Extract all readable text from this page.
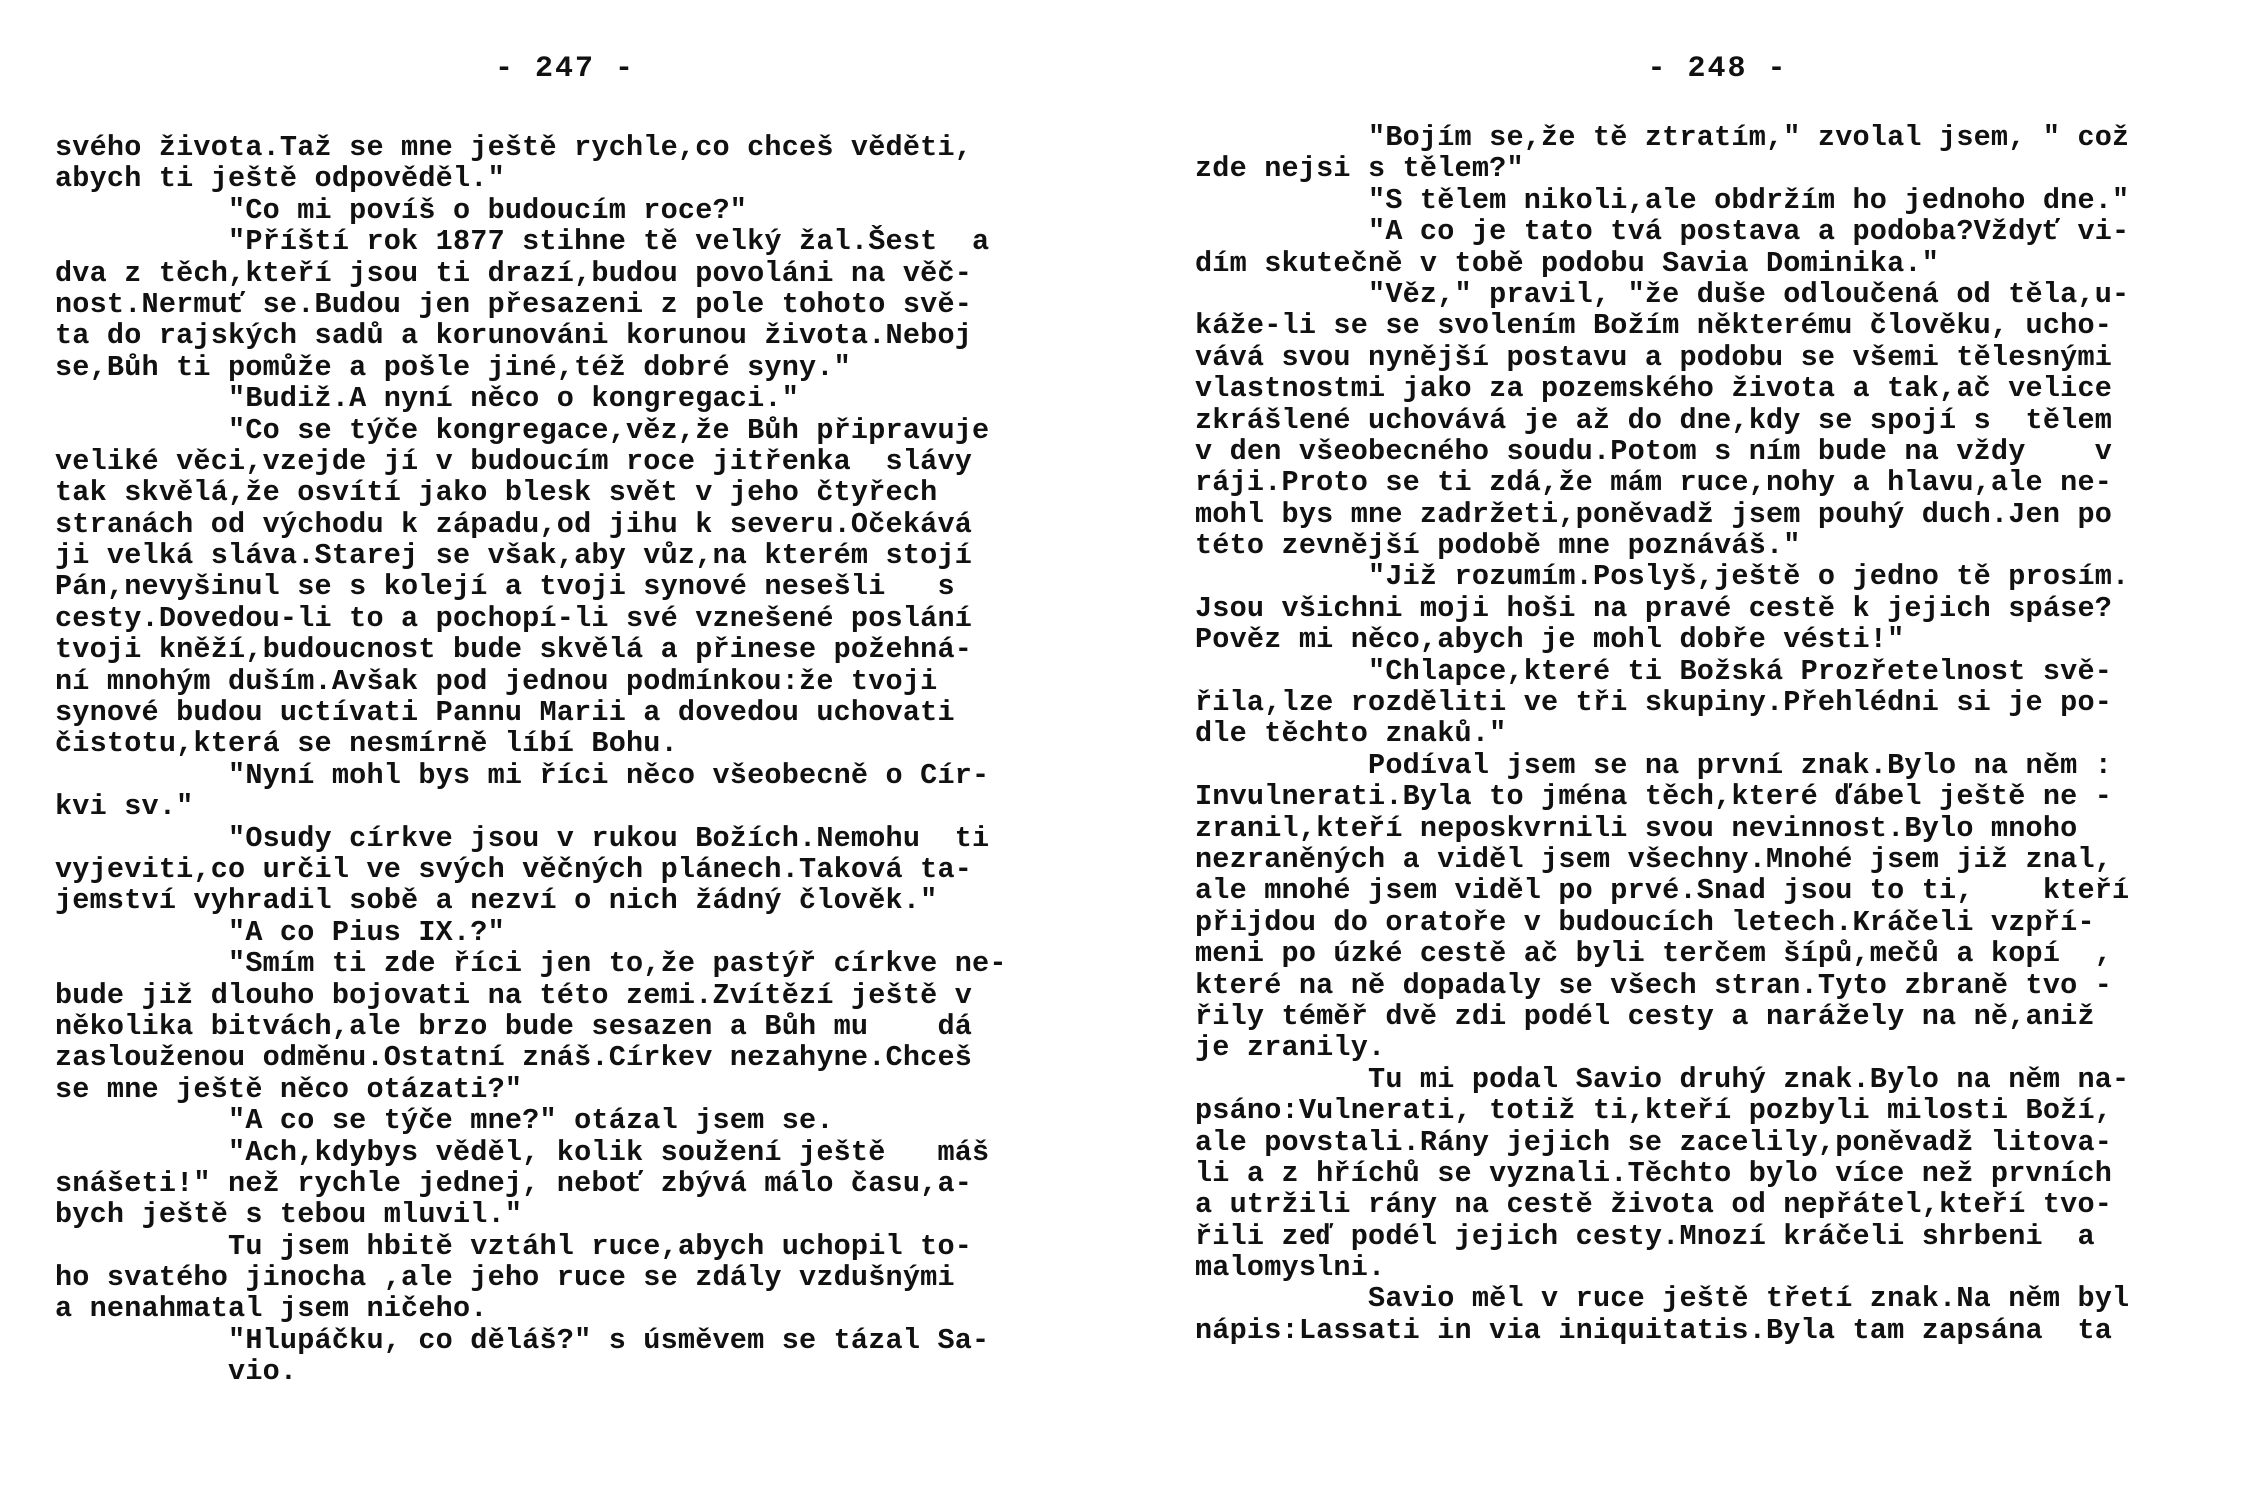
- 247 -
svého života.Taž se mne ještě rychle,co chceš věděti,
abych ti ještě odpověděl."
"Co mi povíš o budoucím roce?"
"Příští rok 1877 stihne tě velký žal.Šest  a
dva z těch,kteří jsou ti drazí,budou povoláni na věč-
nost.Nermuť se.Budou jen přesazeni z pole tohoto svě-
ta do rajských sadů a korunováni korunou života.Neboj
se,Bůh ti pomůže a pošle jiné,též dobré syny."
"Budiž.A nyní něco o kongregaci."
"Co se týče kongregace,věz,že Bůh připravuje
veliké věci,vzejde jí v budoucím roce jitřenka  slávy
tak skvělá,že osvítí jako blesk svět v jeho čtyřech
stranách od východu k západu,od jihu k severu.Očekává
ji velká sláva.Starej se však,aby vůz,na kterém stojí
Pán,nevyšinul se s kolejí a tvoji synové nesešli   s
cesty.Dovedou-li to a pochopí-li své vznešené poslání
tvoji kněží,budoucnost bude skvělá a přinese požehná-
ní mnohým duším.Avšak pod jednou podmínkou:že tvoji
synové budou uctívati Pannu Marii a dovedou uchovati
čistotu,která se nesmírně líbí Bohu.
"Nyní mohl bys mi říci něco všeobecně o Cír-
kvi sv."
"Osudy církve jsou v rukou Božích.Nemohu  ti
vyjeviti,co určil ve svých věčných plánech.Taková ta-
jemství vyhradil sobě a nezví o nich žádný člověk."
"A co Pius IX.?"
"Smím ti zde říci jen to,že pastýř církve ne-
bude již dlouho bojovati na této zemi.Zvítězí ještě v
několika bitvách,ale brzo bude sesazen a Bůh mu    dá
zaslouženou odměnu.Ostatní znáš.Církev nezahyne.Chceš
se mne ještě něco otázati?"
"A co se týče mne?" otázal jsem se.
"Ach,kdybys věděl, kolik soužení ještě   máš
snášeti!" než rychle jednej, neboť zbývá málo času,a-
bych ještě s tebou mluvil."
Tu jsem hbitě vztáhl ruce,abych uchopil to-
ho svatého jinocha ,ale jeho ruce se zdály vzdušnými
a nenahmatal jsem ničeho.
"Hlupáčku, co děláš?" s úsměvem se tázal Sa-
vio.
- 248 -
"Bojím se,že tě ztratím," zvolal jsem, " což
zde nejsi s tělem?"
"S tělem nikoli,ale obdržím ho jednoho dne."
"A co je tato tvá postava a podoba?Vždyť vi-
dím skutečně v tobě podobu Savia Dominika."
"Věz," pravil, "že duše odloučená od těla,u-
káže-li se se svolením Božím některému člověku, ucho-
vává svou nynější postavu a podobu se všemi tělesnými
vlastnostmi jako za pozemského života a tak,ač velice
zkrášlené uchovává je až do dne,kdy se spojí s  tělem
v den všeobecného soudu.Potom s ním bude na vždy    v
ráji.Proto se ti zdá,že mám ruce,nohy a hlavu,ale ne-
mohl bys mne zadržeti,poněvadž jsem pouhý duch.Jen po
této zevnější podobě mne poznáváš."
"Již rozumím.Poslyš,ještě o jedno tě prosím.
Jsou všichni moji hoši na pravé cestě k jejich spáse?
Pověz mi něco,abych je mohl dobře vésti!"
"Chlapce,které ti Božská Prozřetelnost svě-
řila,lze rozděliti ve tři skupiny.Přehlédni si je po-
dle těchto znaků."
Podíval jsem se na první znak.Bylo na něm :
Invulnerati.Byla to jména těch,které ďábel ještě ne -
zranil,kteří neposkvrnili svou nevinnost.Bylo mnoho
nezraněných a viděl jsem všechny.Mnohé jsem již znal,
ale mnohé jsem viděl po prvé.Snad jsou to ti,    kteří
přijdou do oratoře v budoucích letech.Kráčeli vzpří-
meni po úzké cestě ač byli terčem šípů,mečů a kopí  ,
které na ně dopadaly se všech stran.Tyto zbraně tvo -
řily téměř dvě zdi podél cesty a narážely na ně,aniž
je zranily.
Tu mi podal Savio druhý znak.Bylo na něm na-
psáno:Vulnerati, totiž ti,kteří pozbyli milosti Boží,
ale povstali.Rány jejich se zacelily,poněvadž litova-
li a z hříchů se vyznali.Těchto bylo více než prvních
a utržili rány na cestě života od nepřátel,kteří tvo-
řili zeď podél jejich cesty.Mnozí kráčeli shrbeni  a
malomyslni.
Savio měl v ruce ještě třetí znak.Na něm byl
nápis:Lassati in via iniquitatis.Byla tam zapsána  ta
